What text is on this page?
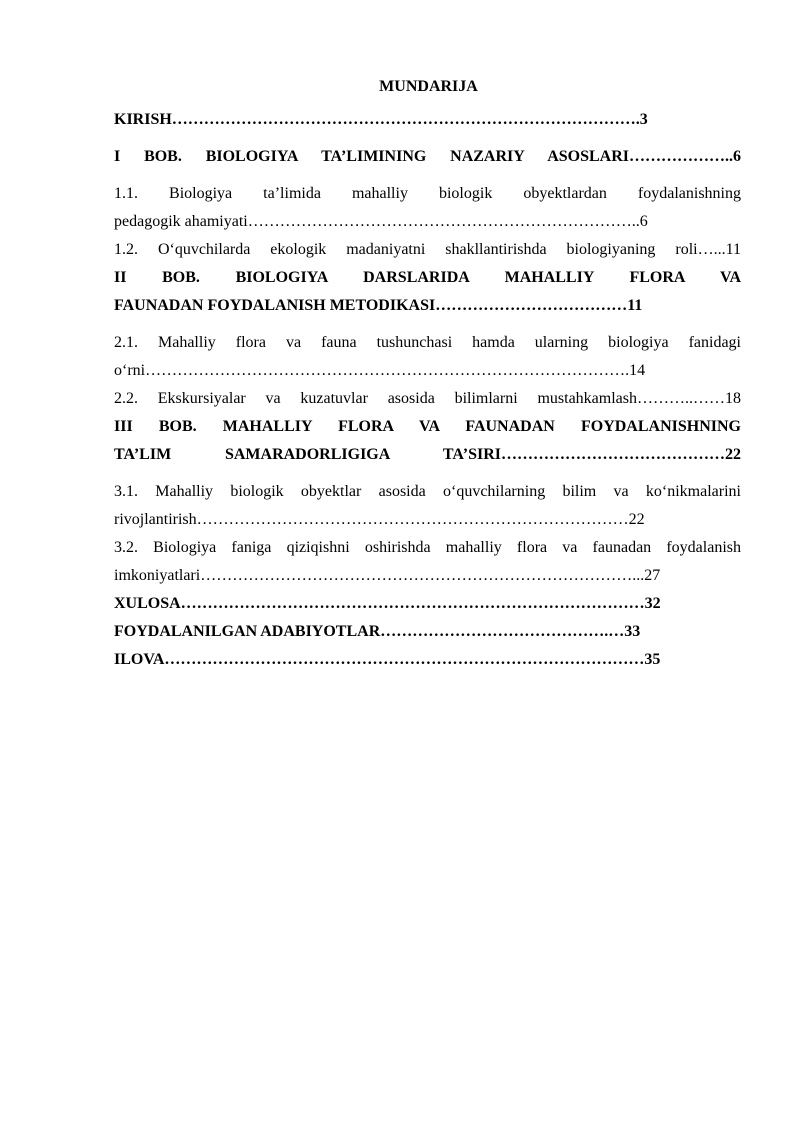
MUNDARIJA

KIRISH…………………………………………………………………………….3

I BOB. BIOLOGIYA TA’LIMINING NAZARIY ASOSLARI………………..6

1.1. Biologiya ta’limida mahalliy biologik obyektlardan foydalanishning

pedagogik ahamiyati………………………………………………………………..6

1.2. O‘quvchilarda ekologik madaniyatni shakllantirishda biologiyaning roli…...11

II BOB. BIOLOGIYA DARSLARIDA MAHALLIY FLORA VA

FAUNADAN FOYDALANISH METODIKASI………………………………11

2.1. Mahalliy flora va fauna tushunchasi hamda ularning biologiya fanidagi

o‘rni……………………………………………………………………………….14

2.2. Ekskursiyalar va kuzatuvlar asosida bilimlarni mustahkamlash………..……18

III BOB. MAHALLIY FLORA VA FAUNADAN FOYDALANISHNING

TA’LIM SAMARADORLIGIGA TA’SIRI……………………………………22

3.1. Mahalliy biologik obyektlar asosida o‘quvchilarning bilim va ko‘nikmalarini

rivojlantirish………………………………………………………………………22

3.2. Biologiya faniga qiziqishni oshirishda mahalliy flora va faunadan foydalanish

imkoniyatlari………………………………………………………………………...27

XULOSA……………………………………………………………………………32

FOYDALANILGAN ADABIYOTLAR…………………………………….…33

ILOVA………………………………………………………………………………35
